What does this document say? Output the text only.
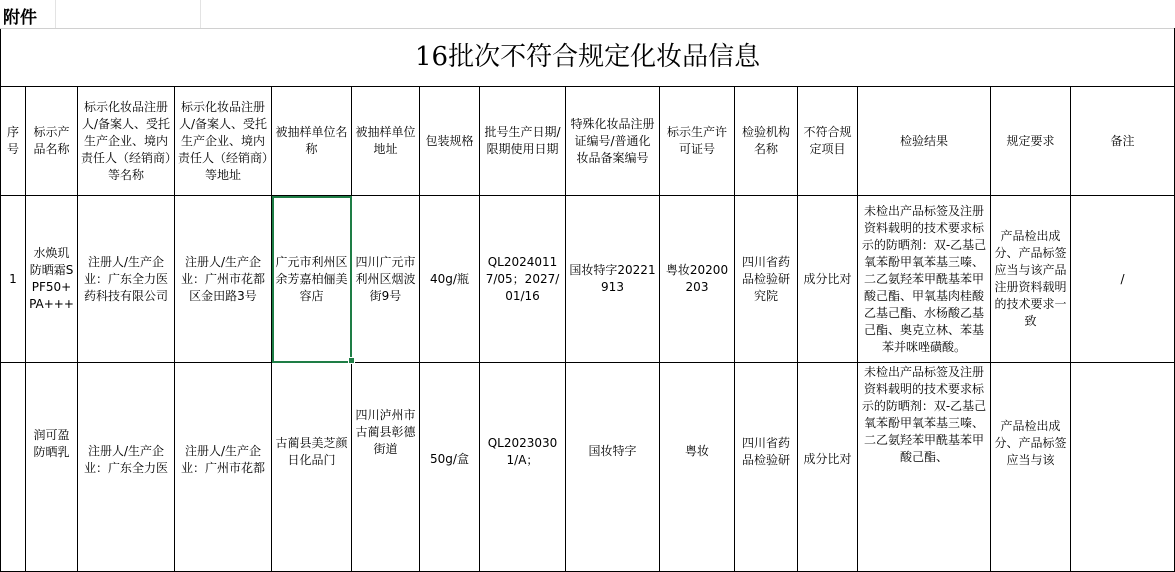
附件
16批次不符合规定化妆品信息														
序号	标示产品名称	标示化妆品注册人/备案人、受托生产企业、境内责任人（经销商）等名称	标示化妆品注册人/备案人、受托生产企业、境内责任人（经销商）等地址	被抽样单位名称	被抽样单位地址	包装规格	批号生产日期/限期使用日期	特殊化妆品注册证编号/普通化妆品备案编号	标示生产许可证号	检验机构名称	不符合规定项目	检验结果	规定要求	备注
1	水焕玑防晒霜SPF50+PA+++	注册人/生产企业：广东全力医药科技有限公司	注册人/生产企业：广州市花都区金田路3号	广元市利州区余芳嘉柏俪美容店	四川广元市利州区烟波街9号	40g/瓶	QL20240117/05；2027/01/16	国妆特字20221913	粤妆20200203	四川省药品检验研究院	成分比对	未检出产品标签及注册资料载明的技术要求标示的防晒剂：双-乙基己氧苯酚甲氧苯基三嗪、二乙氨羟苯甲酰基苯甲酸己酯、甲氧基肉桂酸乙基己酯、水杨酸乙基己酯、奥克立林、苯基苯并咪唑磺酸。	产品检出成分、产品标签应当与该产品注册资料载明的技术要求一致	/
	润可盈防晒乳	注册人/生产企业：广东全力医	注册人/生产企业：广州市花都	古蔺县美芝颜日化品门	四川泸州市古蔺县彰德街道	50g/盒	QL20230301/A；	国妆特字	粤妆	四川省药品检验研	成分比对	未检出产品标签及注册资料载明的技术要求标示的防晒剂：双-乙基己氧苯酚甲氧苯基三嗪、二乙氨羟苯甲酰基苯甲酸己酯、	产品检出成分、产品标签应当与该	
